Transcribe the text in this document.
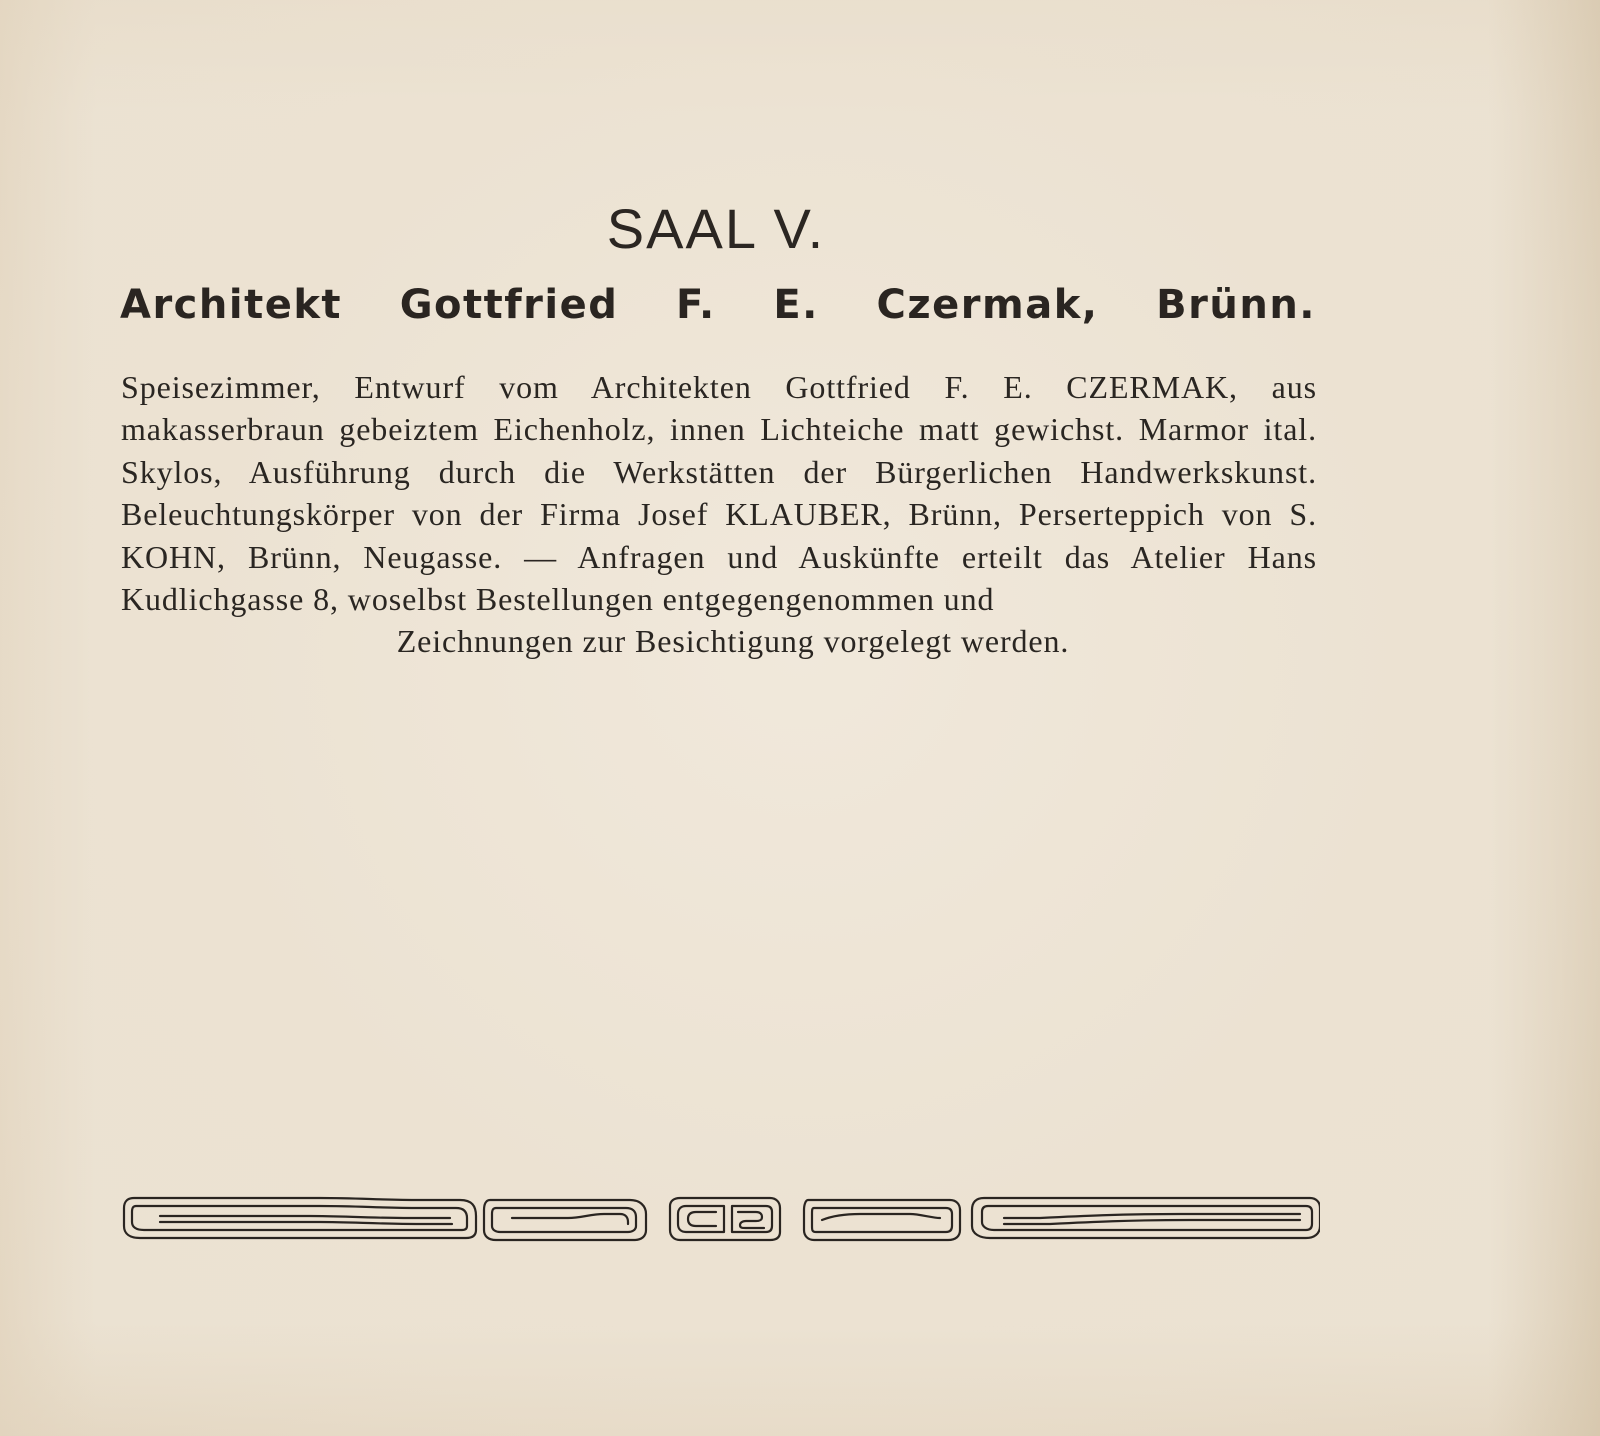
SAAL V.
Architekt Gottfried F. E. Czermak, Brünn.

Speisezimmer, Entwurf vom Architekten Gottfried F. E. CZERMAK, aus makasserbraun gebeiztem Eichenholz, innen Lichteiche matt gewichst. Marmor ital. Skylos, Ausführung durch die Werkstätten der Bürgerlichen Handwerkskunst. Beleuchtungskörper von der Firma Josef KLAUBER, Brünn, Perserteppich von S. KOHN, Brünn, Neugasse. — Anfragen und Auskünfte erteilt das Atelier Hans Kudlichgasse 8, woselbst Bestellungen entgegengenommen und
Zeichnungen zur Besichtigung vorgelegt werden.
